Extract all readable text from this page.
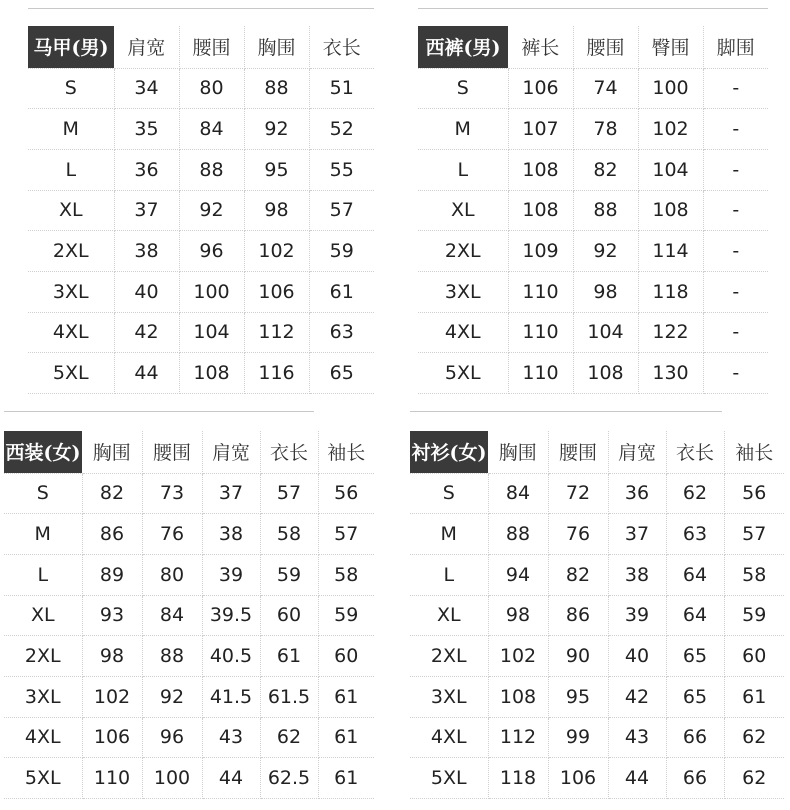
马甲(男)	肩宽	腰围	胸围	衣长
S	34	80	88	51
M	35	84	92	52
L	36	88	95	55
XL	37	92	98	57
2XL	38	96	102	59
3XL	40	100	106	61
4XL	42	104	112	63
5XL	44	108	116	65
西裤(男)	裤长	腰围	臀围	脚围
S	106	74	100	-
M	107	78	102	-
L	108	82	104	-
XL	108	88	108	-
2XL	109	92	114	-
3XL	110	98	118	-
4XL	110	104	122	-
5XL	110	108	130	-
西装(女)	胸围	腰围	肩宽	衣长	袖长
S	82	73	37	57	56
M	86	76	38	58	57
L	89	80	39	59	58
XL	93	84	39.5	60	59
2XL	98	88	40.5	61	60
3XL	102	92	41.5	61.5	61
4XL	106	96	43	62	61
5XL	110	100	44	62.5	61
衬衫(女)	胸围	腰围	肩宽	衣长	袖长
S	84	72	36	62	56
M	88	76	37	63	57
L	94	82	38	64	58
XL	98	86	39	64	59
2XL	102	90	40	65	60
3XL	108	95	42	65	61
4XL	112	99	43	66	62
5XL	118	106	44	66	62
